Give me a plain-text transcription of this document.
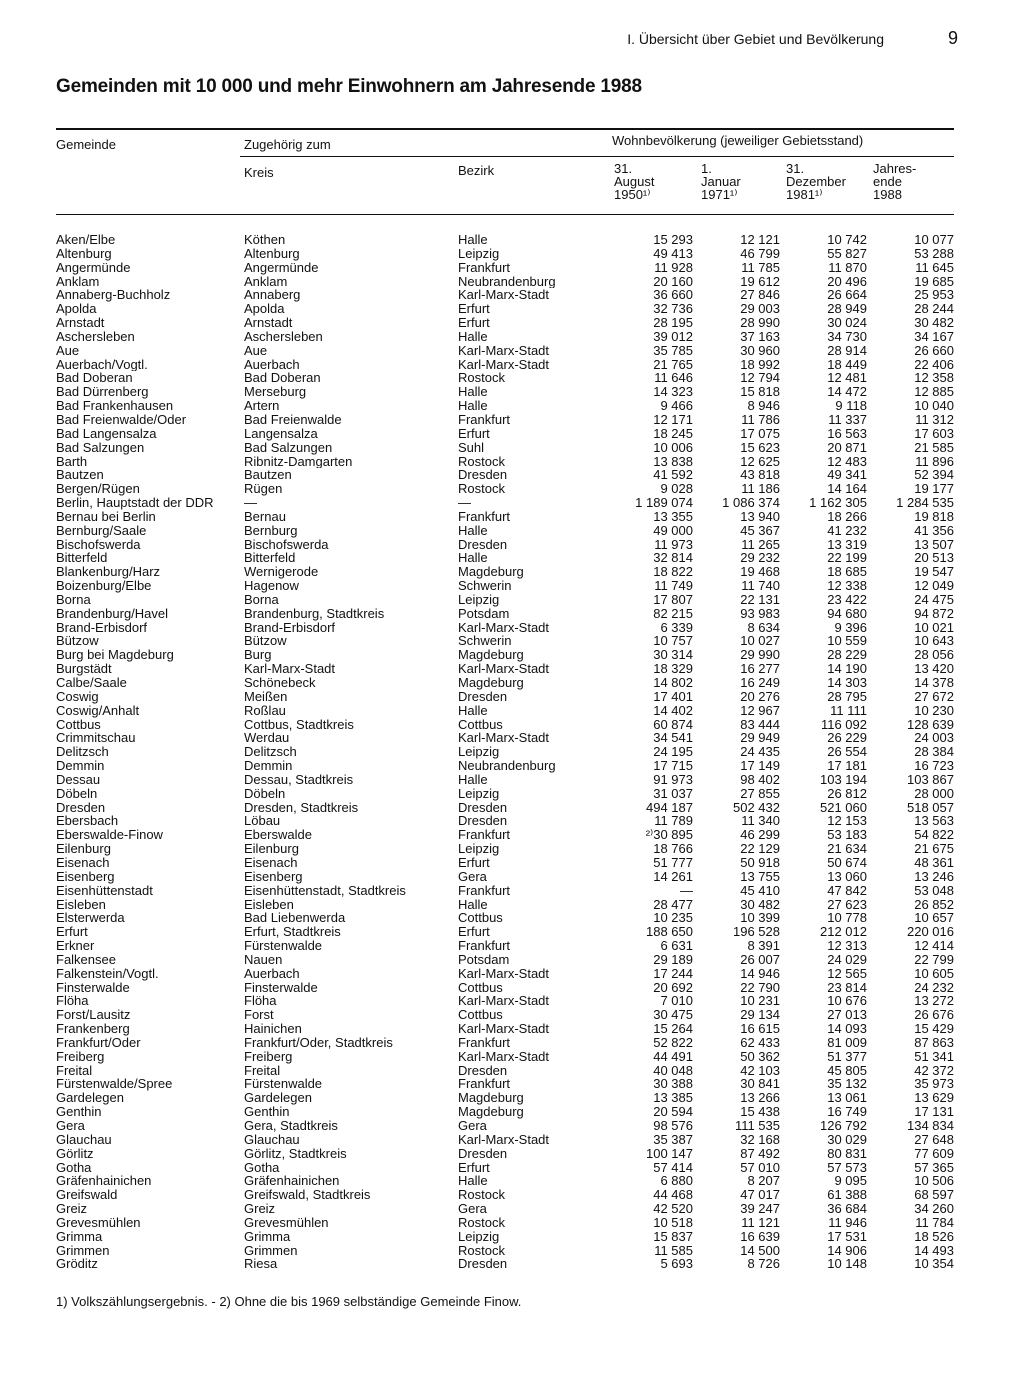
I. Übersicht über Gebiet und Bevölkerung	9
Gemeinden mit 10 000 und mehr Einwohnern am Jahresende 1988
Gemeinde	Zugehörig zum	Wohnbevölkerung (jeweiliger Gebietsstand)
Kreis	Bezirk	31.
August
1950¹⁾
1.
Januar
1971¹⁾
31.
Dezember
1981¹⁾
Jahres-
ende
1988
Aken/Elbe	Köthen	Halle	15 293	12 121	10 742	10 077
Altenburg	Altenburg	Leipzig	49 413	46 799	55 827	53 288
Angermünde	Angermünde	Frankfurt	11 928	11 785	11 870	11 645
Anklam	Anklam	Neubrandenburg	20 160	19 612	20 496	19 685
Annaberg-Buchholz	Annaberg	Karl-Marx-Stadt	36 660	27 846	26 664	25 953
Apolda	Apolda	Erfurt	32 736	29 003	28 949	28 244
Arnstadt	Arnstadt	Erfurt	28 195	28 990	30 024	30 482
Aschersleben	Aschersleben	Halle	39 012	37 163	34 730	34 167
Aue	Aue	Karl-Marx-Stadt	35 785	30 960	28 914	26 660
Auerbach/Vogtl.	Auerbach	Karl-Marx-Stadt	21 765	18 992	18 449	22 406
Bad Doberan	Bad Doberan	Rostock	11 646	12 794	12 481	12 358
Bad Dürrenberg	Merseburg	Halle	14 323	15 818	14 472	12 885
Bad Frankenhausen	Artern	Halle	9 466	8 946	9 118	10 040
Bad Freienwalde/Oder	Bad Freienwalde	Frankfurt	12 171	11 786	11 337	11 312
Bad Langensalza	Langensalza	Erfurt	18 245	17 075	16 563	17 603
Bad Salzungen	Bad Salzungen	Suhl	10 006	15 623	20 871	21 585
Barth	Ribnitz-Damgarten	Rostock	13 838	12 625	12 483	11 896
Bautzen	Bautzen	Dresden	41 592	43 818	49 341	52 394
Bergen/Rügen	Rügen	Rostock	9 028	11 186	14 164	19 177
Berlin, Hauptstadt der DDR	—	—	1 189 074	1 086 374	1 162 305	1 284 535
Bernau bei Berlin	Bernau	Frankfurt	13 355	13 940	18 266	19 818
Bernburg/Saale	Bernburg	Halle	49 000	45 367	41 232	41 356
Bischofswerda	Bischofswerda	Dresden	11 973	11 265	13 319	13 507
Bitterfeld	Bitterfeld	Halle	32 814	29 232	22 199	20 513
Blankenburg/Harz	Wernigerode	Magdeburg	18 822	19 468	18 685	19 547
Boizenburg/Elbe	Hagenow	Schwerin	11 749	11 740	12 338	12 049
Borna	Borna	Leipzig	17 807	22 131	23 422	24 475
Brandenburg/Havel	Brandenburg, Stadtkreis	Potsdam	82 215	93 983	94 680	94 872
Brand-Erbisdorf	Brand-Erbisdorf	Karl-Marx-Stadt	6 339	8 634	9 396	10 021
Bützow	Bützow	Schwerin	10 757	10 027	10 559	10 643
Burg bei Magdeburg	Burg	Magdeburg	30 314	29 990	28 229	28 056
Burgstädt	Karl-Marx-Stadt	Karl-Marx-Stadt	18 329	16 277	14 190	13 420
Calbe/Saale	Schönebeck	Magdeburg	14 802	16 249	14 303	14 378
Coswig	Meißen	Dresden	17 401	20 276	28 795	27 672
Coswig/Anhalt	Roßlau	Halle	14 402	12 967	11 111	10 230
Cottbus	Cottbus, Stadtkreis	Cottbus	60 874	83 444	116 092	128 639
Crimmitschau	Werdau	Karl-Marx-Stadt	34 541	29 949	26 229	24 003
Delitzsch	Delitzsch	Leipzig	24 195	24 435	26 554	28 384
Demmin	Demmin	Neubrandenburg	17 715	17 149	17 181	16 723
Dessau	Dessau, Stadtkreis	Halle	91 973	98 402	103 194	103 867
Döbeln	Döbeln	Leipzig	31 037	27 855	26 812	28 000
Dresden	Dresden, Stadtkreis	Dresden	494 187	502 432	521 060	518 057
Ebersbach	Löbau	Dresden	11 789	11 340	12 153	13 563
Eberswalde-Finow	Eberswalde	Frankfurt	²⁾30 895	46 299	53 183	54 822
Eilenburg	Eilenburg	Leipzig	18 766	22 129	21 634	21 675
Eisenach	Eisenach	Erfurt	51 777	50 918	50 674	48 361
Eisenberg	Eisenberg	Gera	14 261	13 755	13 060	13 246
Eisenhüttenstadt	Eisenhüttenstadt, Stadtkreis	Frankfurt	—	45 410	47 842	53 048
Eisleben	Eisleben	Halle	28 477	30 482	27 623	26 852
Elsterwerda	Bad Liebenwerda	Cottbus	10 235	10 399	10 778	10 657
Erfurt	Erfurt, Stadtkreis	Erfurt	188 650	196 528	212 012	220 016
Erkner	Fürstenwalde	Frankfurt	6 631	8 391	12 313	12 414
Falkensee	Nauen	Potsdam	29 189	26 007	24 029	22 799
Falkenstein/Vogtl.	Auerbach	Karl-Marx-Stadt	17 244	14 946	12 565	10 605
Finsterwalde	Finsterwalde	Cottbus	20 692	22 790	23 814	24 232
Flöha	Flöha	Karl-Marx-Stadt	7 010	10 231	10 676	13 272
Forst/Lausitz	Forst	Cottbus	30 475	29 134	27 013	26 676
Frankenberg	Hainichen	Karl-Marx-Stadt	15 264	16 615	14 093	15 429
Frankfurt/Oder	Frankfurt/Oder, Stadtkreis	Frankfurt	52 822	62 433	81 009	87 863
Freiberg	Freiberg	Karl-Marx-Stadt	44 491	50 362	51 377	51 341
Freital	Freital	Dresden	40 048	42 103	45 805	42 372
Fürstenwalde/Spree	Fürstenwalde	Frankfurt	30 388	30 841	35 132	35 973
Gardelegen	Gardelegen	Magdeburg	13 385	13 266	13 061	13 629
Genthin	Genthin	Magdeburg	20 594	15 438	16 749	17 131
Gera	Gera, Stadtkreis	Gera	98 576	111 535	126 792	134 834
Glauchau	Glauchau	Karl-Marx-Stadt	35 387	32 168	30 029	27 648
Görlitz	Görlitz, Stadtkreis	Dresden	100 147	87 492	80 831	77 609
Gotha	Gotha	Erfurt	57 414	57 010	57 573	57 365
Gräfenhainichen	Gräfenhainichen	Halle	6 880	8 207	9 095	10 506
Greifswald	Greifswald, Stadtkreis	Rostock	44 468	47 017	61 388	68 597
Greiz	Greiz	Gera	42 520	39 247	36 684	34 260
Grevesmühlen	Grevesmühlen	Rostock	10 518	11 121	11 946	11 784
Grimma	Grimma	Leipzig	15 837	16 639	17 531	18 526
Grimmen	Grimmen	Rostock	11 585	14 500	14 906	14 493
Gröditz	Riesa	Dresden	5 693	8 726	10 148	10 354
1) Volkszählungsergebnis. - 2) Ohne die bis 1969 selbständige Gemeinde Finow.
